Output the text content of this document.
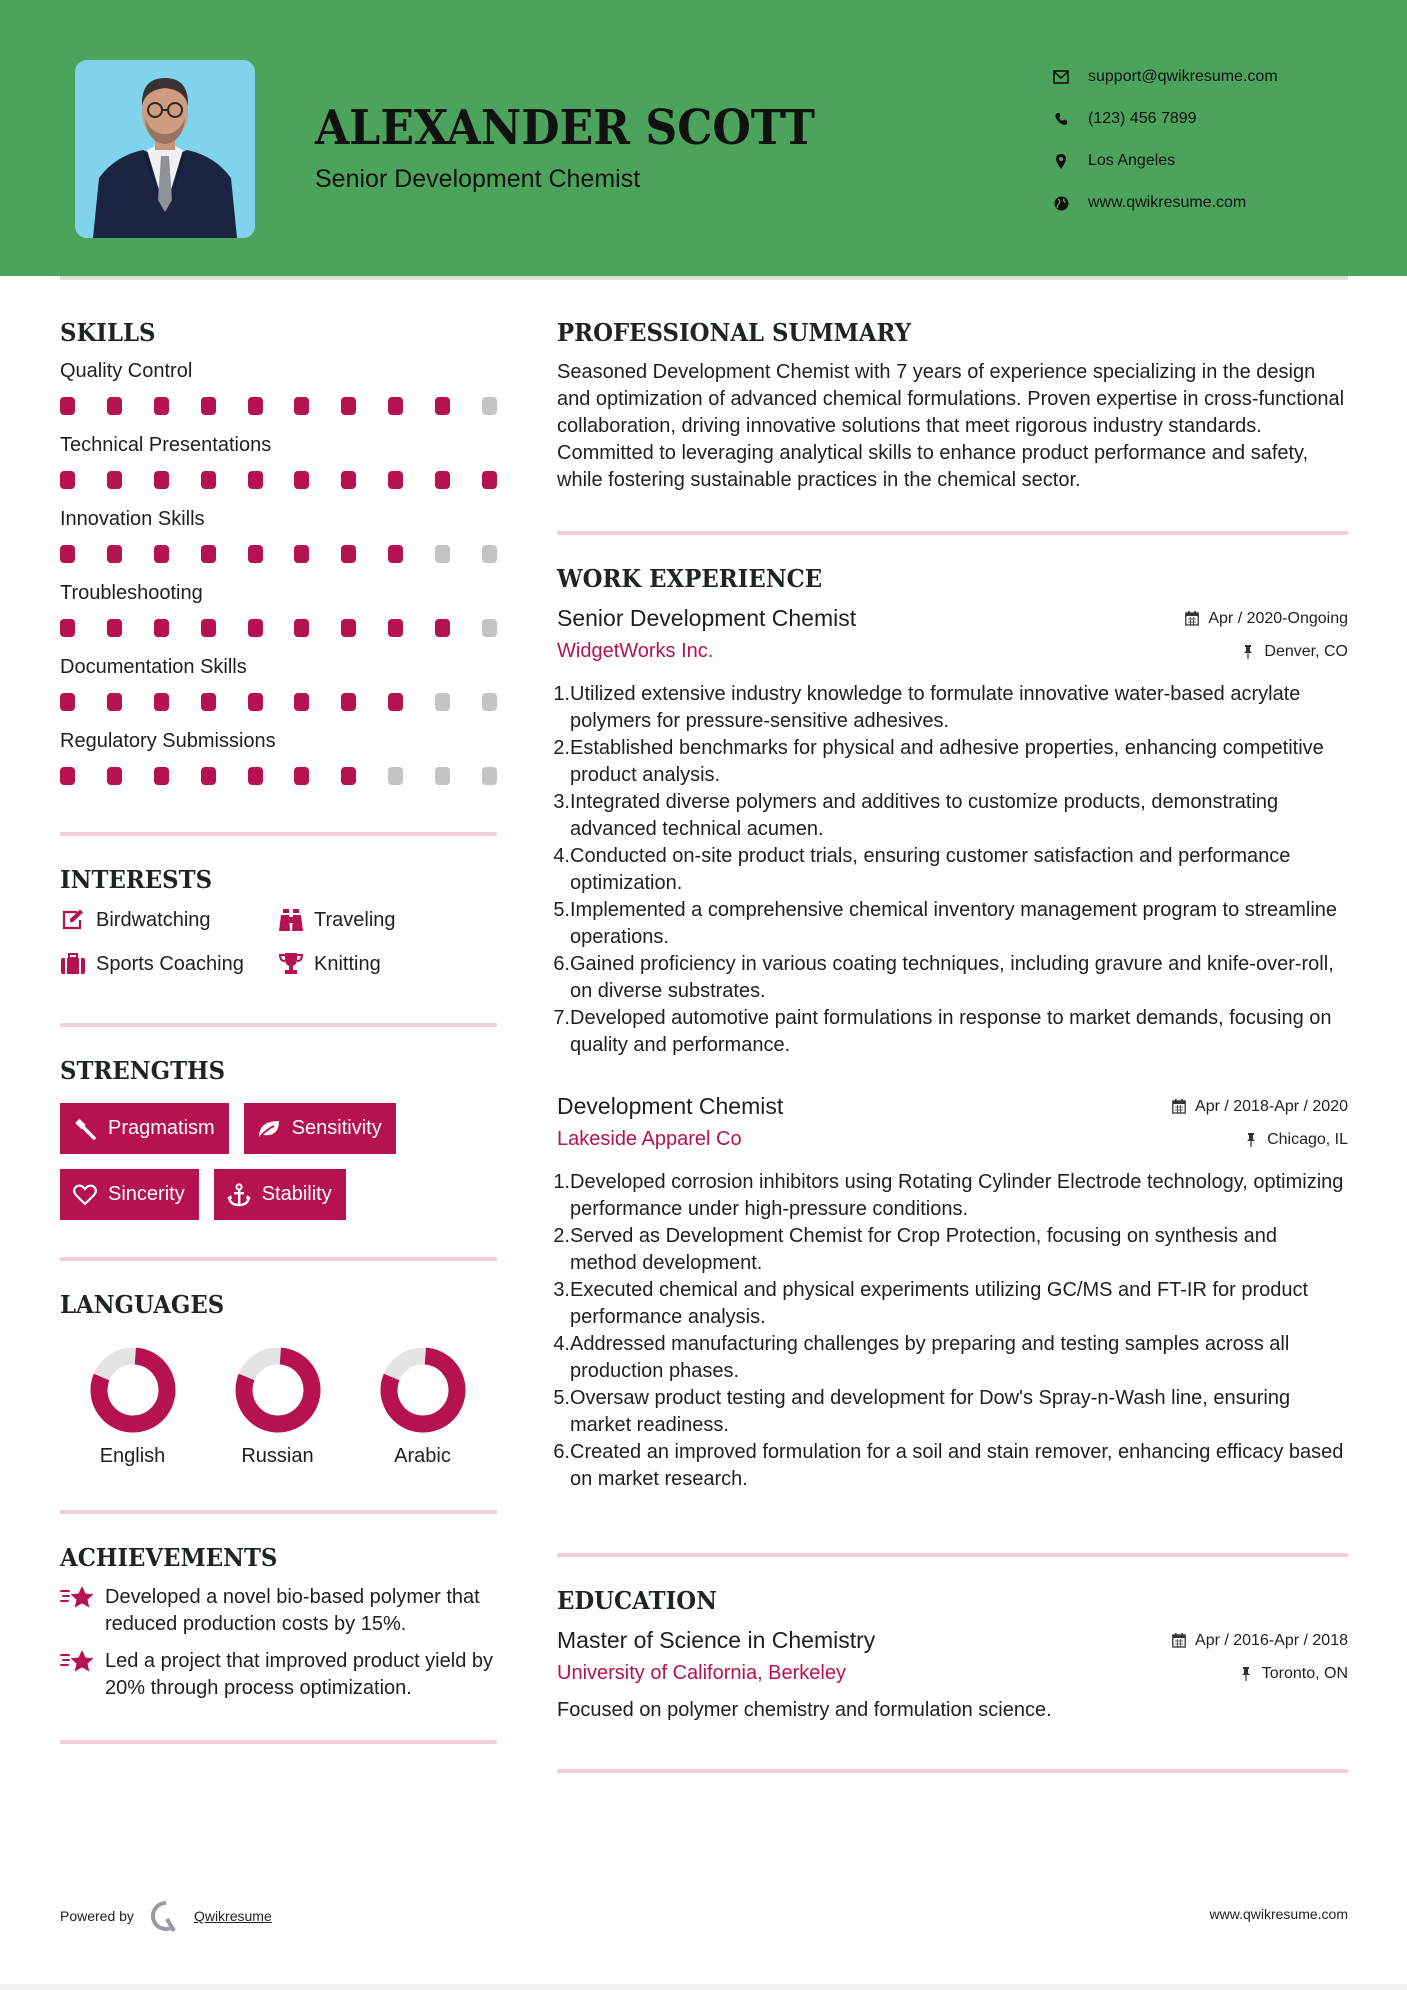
ALEXANDER SCOTT
Senior Development Chemist
support@qwikresume.com
(123) 456 7899
Los Angeles
www.qwikresume.com
SKILLS
Quality Control
Technical Presentations
Innovation Skills
Troubleshooting
Documentation Skills
Regulatory Submissions
INTERESTS
Birdwatching	Traveling
Sports Coaching	Knitting
STRENGTHS
Pragmatism	Sensitivity
Sincerity	Stability
LANGUAGES
English	Russian	Arabic
ACHIEVEMENTS
Developed a novel bio-based polymer that reduced production costs by 15%.
Led a project that improved product yield by 20% through process optimization.
PROFESSIONAL SUMMARY

Seasoned Development Chemist with 7 years of experience specializing in the design and optimization of advanced chemical formulations. Proven expertise in cross-functional collaboration, driving innovative solutions that meet rigorous industry standards. Committed to leveraging analytical skills to enhance product performance and safety, while fostering sustainable practices in the chemical sector.

WORK EXPERIENCE
Senior Development Chemist	Apr / 2020-Ongoing
WidgetWorks Inc.	Denver, CO
1. Utilized extensive industry knowledge to formulate innovative water-based acrylate polymers for pressure-sensitive adhesives.
2. Established benchmarks for physical and adhesive properties, enhancing competitive product analysis.
3. Integrated diverse polymers and additives to customize products, demonstrating advanced technical acumen.
4. Conducted on-site product trials, ensuring customer satisfaction and performance optimization.
5. Implemented a comprehensive chemical inventory management program to streamline operations.
6. Gained proficiency in various coating techniques, including gravure and knife-over-roll, on diverse substrates.
7. Developed automotive paint formulations in response to market demands, focusing on quality and performance.
Development Chemist	Apr / 2018-Apr / 2020
Lakeside Apparel Co	Chicago, IL
1. Developed corrosion inhibitors using Rotating Cylinder Electrode technology, optimizing performance under high-pressure conditions.
2. Served as Development Chemist for Crop Protection, focusing on synthesis and method development.
3. Executed chemical and physical experiments utilizing GC/MS and FT-IR for product performance analysis.
4. Addressed manufacturing challenges by preparing and testing samples across all production phases.
5. Oversaw product testing and development for Dow's Spray-n-Wash line, ensuring market readiness.
6. Created an improved formulation for a soil and stain remover, enhancing efficacy based on market research.
EDUCATION
Master of Science in Chemistry	Apr / 2016-Apr / 2018
University of California, Berkeley	Toronto, ON

Focused on polymer chemistry and formulation science.

Powered by	Qwikresume	www.qwikresume.com
